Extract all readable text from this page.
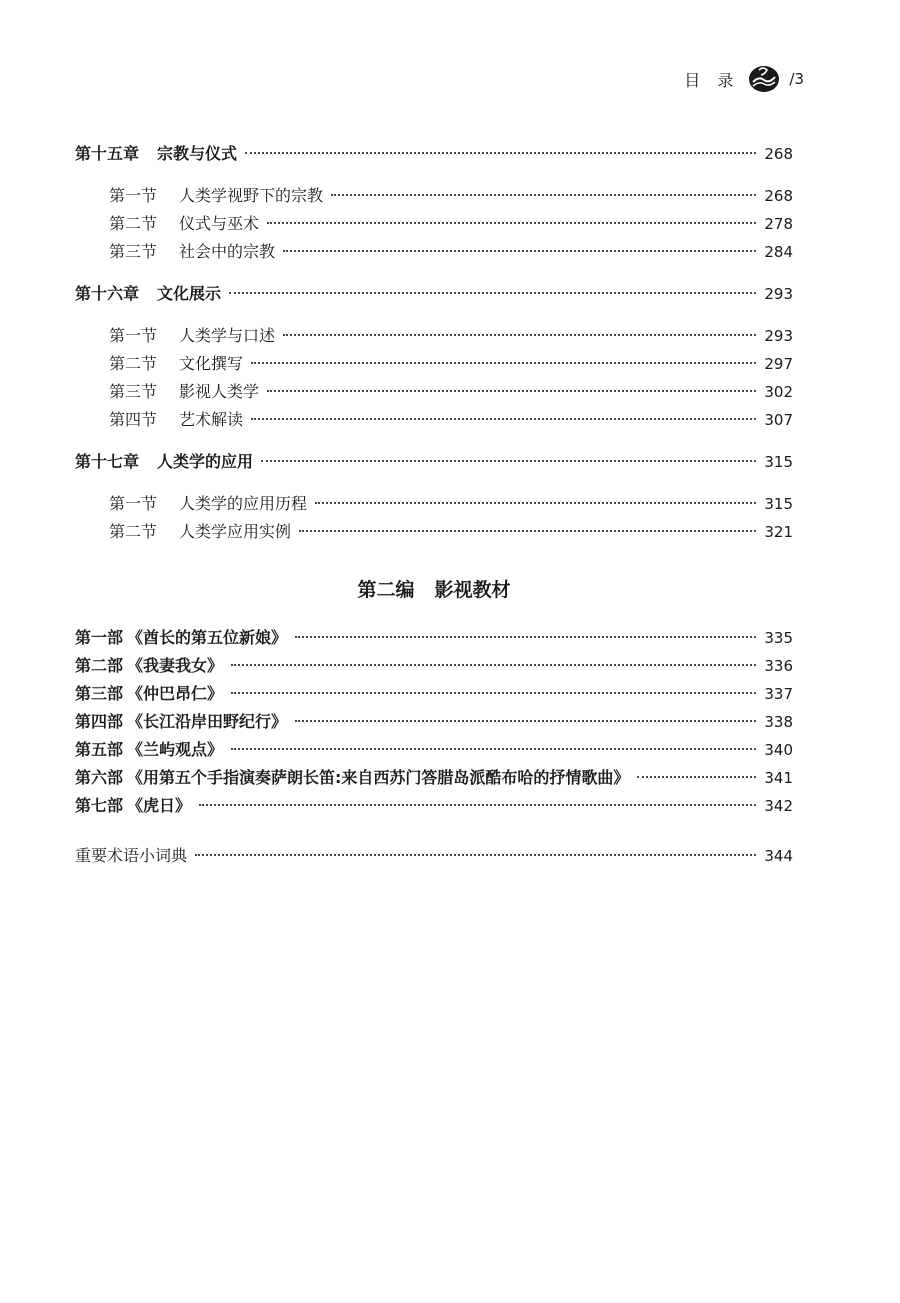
目 录	/3
第十五章 宗教与仪式	268
第一节 人类学视野下的宗教	268
第二节 仪式与巫术	278
第三节 社会中的宗教	284
第十六章 文化展示	293
第一节 人类学与口述	293
第二节 文化撰写	297
第三节 影视人类学	302
第四节 艺术解读	307
第十七章 人类学的应用	315
第一节 人类学的应用历程	315
第二节 人类学应用实例	321
第二编 影视教材
第一部 《酋长的第五位新娘》	335
第二部 《我妻我女》	336
第三部 《仲巴昂仁》	337
第四部 《长江沿岸田野纪行》	338
第五部 《兰屿观点》	340
第六部 《用第五个手指演奏萨朗长笛:来自西苏门答腊岛派酷布哈的抒情歌曲》	341
第七部 《虎日》	342
重要术语小词典	344
